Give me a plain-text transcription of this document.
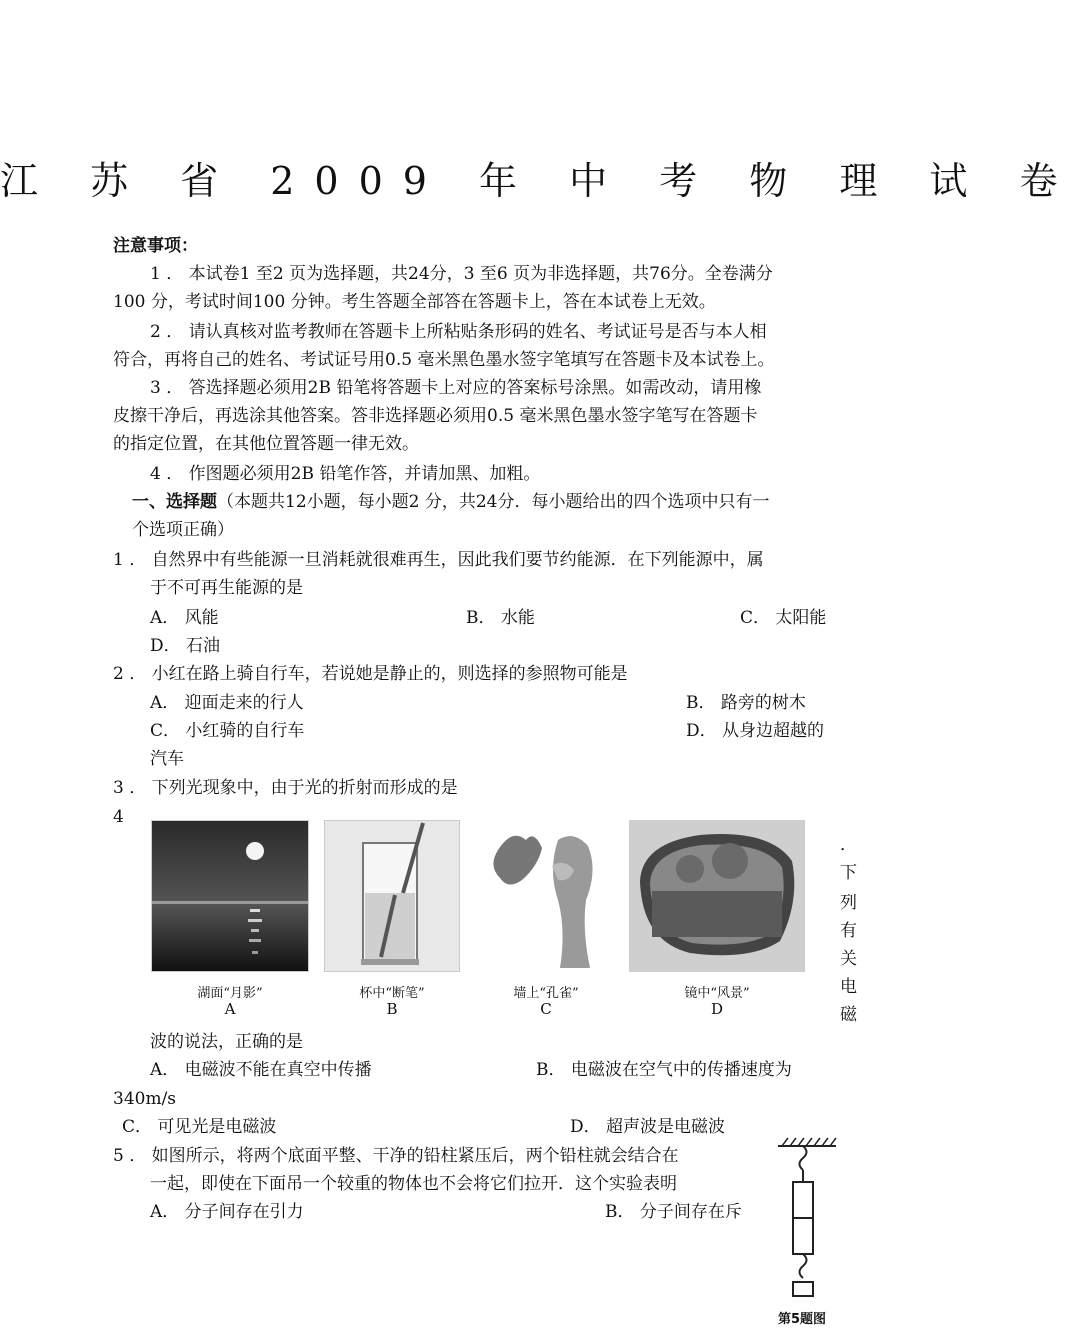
江 苏 省 2009 年 中 考 物 理 试 卷
注意事项：
1 ． 本试卷1 至2 页为选择题，共24分，3 至6 页为非选择题，共76分。全卷满分
100 分，考试时间100 分钟。考生答题全部答在答题卡上，答在本试卷上无效。
2 ． 请认真核对监考教师在答题卡上所粘贴条形码的姓名、考试证号是否与本人相
符合，再将自己的姓名、考试证号用0.5 毫米黑色墨水签字笔填写在答题卡及本试卷上。
3 ． 答选择题必须用2B 铅笔将答题卡上对应的答案标号涂黑。如需改动，请用橡
皮擦干净后，再选涂其他答案。答非选择题必须用0.5 毫米黑色墨水签字笔写在答题卡
的指定位置，在其他位置答题一律无效。
4 ． 作图题必须用2B 铅笔作答，并请加黑、加粗。
一、选择题（本题共12小题，每小题2 分，共24分．每小题给出的四个选项中只有一
个选项正确）
1 ． 自然界中有些能源一旦消耗就很难再生，因此我们要节约能源．在下列能源中，属
于不可再生能源的是
A． 风能	B． 水能	C． 太阳能
D． 石油
2 ． 小红在路上骑自行车，若说她是静止的，则选择的参照物可能是
A． 迎面走来的行人	B． 路旁的树木
C． 小红骑的自行车	D． 从身边超越的
汽车
3 ． 下列光现象中，由于光的折射而形成的是
4
湖面“月影”	杯中“断笔”	墙上“孔雀”	镜中“风景”
A	B	C	D
．
下
列
有
关
电
磁
波的说法，正确的是
A． 电磁波不能在真空中传播	B． 电磁波在空气中的传播速度为
340m/s
C． 可见光是电磁波	D． 超声波是电磁波
5 ． 如图所示，将两个底面平整、干净的铅柱紧压后，两个铅柱就会结合在
一起，即使在下面吊一个较重的物体也不会将它们拉开．这个实验表明
A． 分子间存在引力	B． 分子间存在斥
第5题图
